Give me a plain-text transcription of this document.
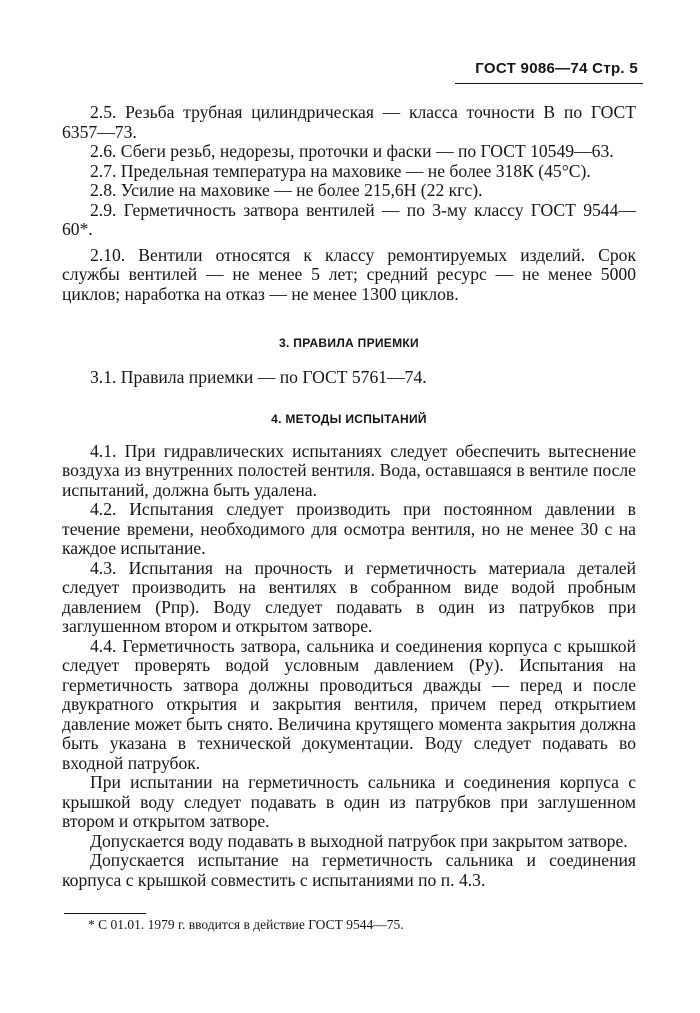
ГОСТ 9086—74 Стр. 5

2.5. Резьба трубная цилиндрическая — класса точности В по ГОСТ 6357—73.

2.6. Сбеги резьб, недорезы, проточки и фаски — по ГОСТ 10549—63.

2.7. Предельная температура на маховике — не более 318К (45°С).

2.8. Усилие на маховике — не более 215,6Н (22 кгс).

2.9. Герметичность затвора вентилей — по 3-му классу ГОСТ 9544—60*.

2.10. Вентили относятся к классу ремонтируемых изделий. Срок службы вентилей — не менее 5 лет; средний ресурс — не менее 5000 циклов; наработка на отказ — не менее 1300 циклов.

3. ПРАВИЛА ПРИЕМКИ

3.1. Правила приемки — по ГОСТ 5761—74.

4. МЕТОДЫ ИСПЫТАНИЙ

4.1. При гидравлических испытаниях следует обеспечить вытеснение воздуха из внутренних полостей вентиля. Вода, оставшаяся в вентиле после испытаний, должна быть удалена.

4.2. Испытания следует производить при постоянном давлении в течение времени, необходимого для осмотра вентиля, но не менее 30 с на каждое испытание.

4.3. Испытания на прочность и герметичность материала деталей следует производить на вентилях в собранном виде водой пробным давлением (Pпр). Воду следует подавать в один из патрубков при заглушенном втором и открытом затворе.

4.4. Герметичность затвора, сальника и соединения корпуса с крышкой следует проверять водой условным давлением (Pу). Испытания на герметичность затвора должны проводиться дважды — перед и после двукратного открытия и закрытия вентиля, причем перед открытием давление может быть снято. Величина крутящего момента закрытия должна быть указана в технической документации. Воду следует подавать во входной патрубок.

При испытании на герметичность сальника и соединения корпуса с крышкой воду следует подавать в один из патрубков при заглушенном втором и открытом затворе.

Допускается воду подавать в выходной патрубок при закрытом затворе.

Допускается испытание на герметичность сальника и соединения корпуса с крышкой совместить с испытаниями по п. 4.3.

* С 01.01. 1979 г. вводится в действие ГОСТ 9544—75.
